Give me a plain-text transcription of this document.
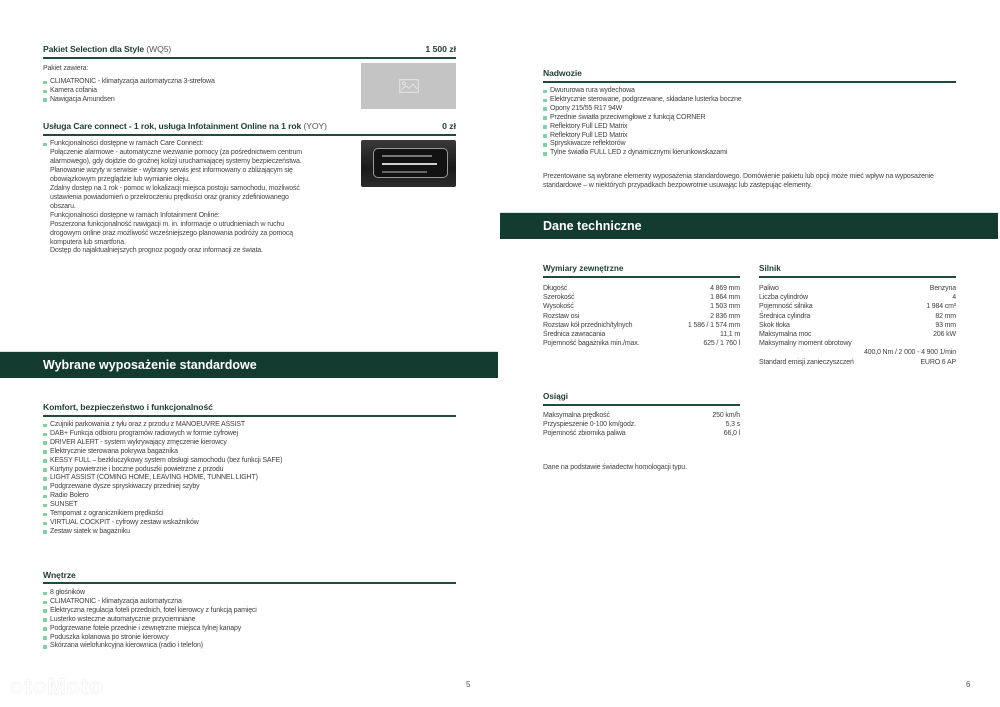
Pakiet Selection dla Style (WQ5)	1 500 zł
Pakiet zawiera:
CLIMATRONIC - klimatyzacja automatyczna 3-strefowa
Kamera cofania
Nawigacja Amundsen
Usługa Care connect - 1 rok, usługa Infotainment Online na 1 rok (YOY)	0 zł
Funkcjonalności dostępne w ramach Care Connect:
Połączenie alarmowe - automatyczne wezwanie pomocy (za pośrednictwem centrum
alarmowego), gdy dojdzie do groźnej kolizji uruchamiającej systemy bezpieczeństwa.
Planowanie wizyty w serwisie - wybrany serwis jest informowany o zbliżającym się
obowiązkowym przeglądzie lub wymianie oleju.
Zdalny dostęp na 1 rok - pomoc w lokalizacji miejsca postoju samochodu, możliwość
ustawienia powiadomień o przekroczeniu prędkości oraz granicy zdefiniowanego
obszaru.
Funkcjonalności dostępne w ramach Infotainment Online:
Poszerzona funkcjonalność nawigacji m. in. informacje o utrudnieniach w ruchu
drogowym online oraz możliwość wcześniejszego planowania podróży za pomocą
komputera lub smartfona.
Dostęp do najaktualniejszych prognoz pogody oraz informacji ze świata.
Wybrane wyposażenie standardowe
Komfort, bezpieczeństwo i funkcjonalność
Czujniki parkowania z tyłu oraz z przodu z MANOEUVRE ASSIST
DAB+ Funkcja odbioru programów radiowych w formie cyfrowej
DRIVER ALERT - system wykrywający zmęczenie kierowcy
Elektrycznie sterowana pokrywa bagażnika
KESSY FULL – bezkluczykowy system obsługi samochodu (bez funkcji SAFE)
Kurtyny powietrzne i boczne poduszki powietrzne z przodu
LIGHT ASSIST (COMING HOME, LEAVING HOME, TUNNEL LIGHT)
Podgrzewane dysze spryskiwaczy przedniej szyby
Radio Bolero
SUNSET
Tempomat z ogranicznikiem prędkości
VIRTUAL COCKPIT - cyfrowy zestaw wskaźników
Zestaw siatek w bagażniku
Wnętrze
8 głośników
CLIMATRONIC - klimatyzacja automatyczna
Elektryczna regulacja foteli przednich, fotel kierowcy z funkcją pamięci
Lusterko wsteczne automatycznie przyciemniane
Podgrzewane fotele przednie i zewnętrzne miejsca tylnej kanapy
Poduszka kolanowa po stronie kierowcy
Skórzana wielofunkcyjna kierownica (radio i telefon)
otoMoto	5
Nadwozie
Dwururowa rura wydechowa
Elektrycznie sterowane, podgrzewane, składane lusterka boczne
Opony 215/55 R17 94W
Przednie światła przeciwmgłowe z funkcją CORNER
Reflektory Full LED Matrix
Reflektory Full LED Matrix
Spryskiwacze reflektorów
Tylne światła FULL LED z dynamicznymi kierunkowskazami
Prezentowane są wybrane elementy wyposażenia standardowego. Domówienie pakietu lub opcji może mieć wpływ na wyposażenie standardowe – w niektórych przypadkach bezpowrotnie usuwając lub zastępując elementy.
Dane techniczne
Wymiary zewnętrzne
Długość	4 869 mm
Szerokość	1 864 mm
Wysokość	1 503 mm
Rozstaw osi	2 836 mm
Rozstaw kół przednich/tylnych	1 586 / 1 574 mm
Średnica zawracania	11,1 m
Pojemność bagażnika min./max.	625 / 1 760 l
Silnik
Paliwo	Benzyna
Liczba cylindrów	4
Pojemność silnika	1 984 cm³
Średnica cylindra	82 mm
Skok tłoka	93 mm
Maksymalna moc	206 kW
Maksymalny moment obrotowy	
	400,0 Nm / 2 000 - 4 900 1/min
Standard emisji zanieczyszczeń	EURO 6 AP
Osiągi
Maksymalna prędkość	250 km/h
Przyspieszenie 0-100 km/godz.	5,3 s
Pojemność zbiornika paliwa	66,0 l
Dane na podstawie świadectw homologacji typu.
6
